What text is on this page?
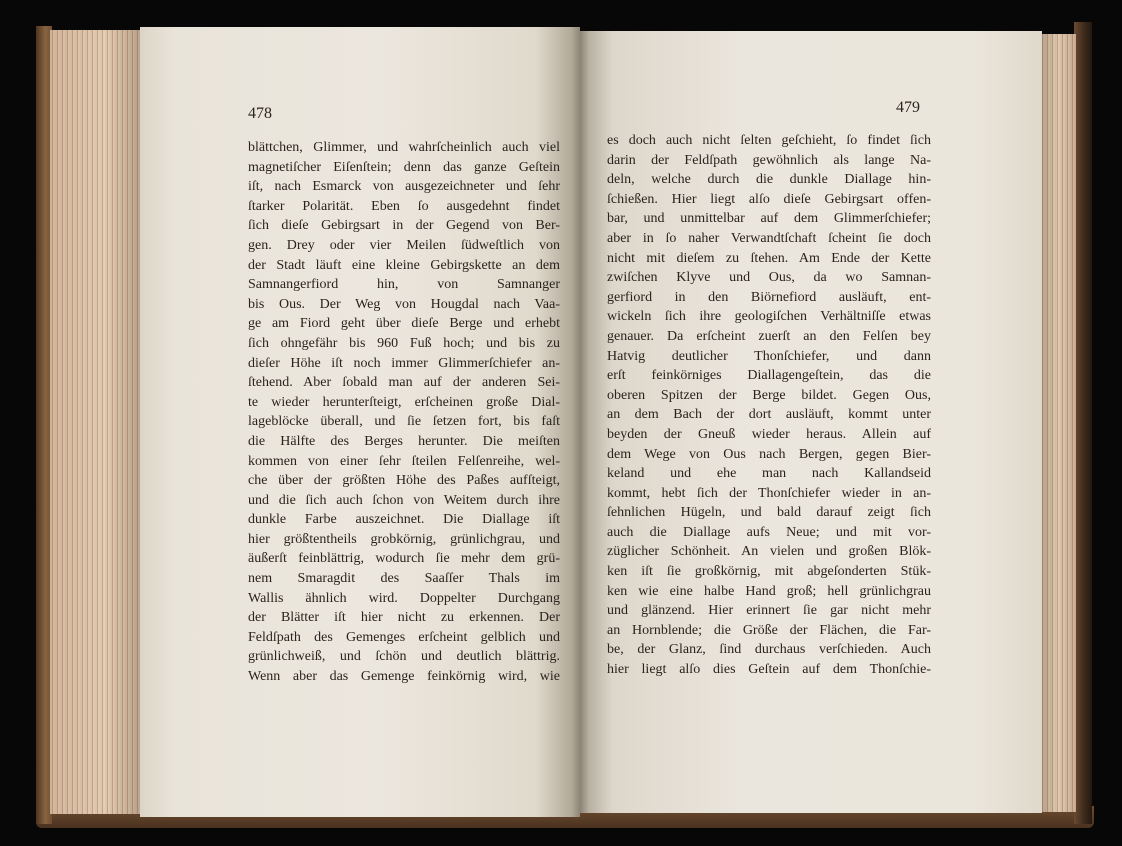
478	479
blättchen, Glimmer, und wahrſcheinlich auch viel
magnetiſcher Eiſenſtein; denn das ganze Geſtein
iſt, nach Esmarck von ausgezeichneter und ſehr
ſtarker Polarität. Eben ſo ausgedehnt findet
ſich dieſe Gebirgsart in der Gegend von Ber-
gen. Drey oder vier Meilen ſüdweſtlich von
der Stadt läuft eine kleine Gebirgskette an dem
Samnangerfiord hin, von Samnanger
bis Ous. Der Weg von Hougdal nach Vaa-
ge am Fiord geht über dieſe Berge und erhebt
ſich ohngefähr bis 960 Fuß hoch; und bis zu
dieſer Höhe iſt noch immer Glimmerſchiefer an-
ſtehend. Aber ſobald man auf der anderen Sei-
te wieder herunterſteigt, erſcheinen große Dial-
lageblöcke überall, und ſie ſetzen fort, bis faſt
die Hälfte des Berges herunter. Die meiſten
kommen von einer ſehr ſteilen Felſenreihe, wel-
che über der größten Höhe des Paßes aufſteigt,
und die ſich auch ſchon von Weitem durch ihre
dunkle Farbe auszeichnet. Die Diallage iſt
hier größtentheils grobkörnig, grünlichgrau, und
äußerſt feinblättrig, wodurch ſie mehr dem grü-
nem Smaragdit des Saaſſer Thals im
Wallis ähnlich wird. Doppelter Durchgang
der Blätter iſt hier nicht zu erkennen. Der
Feldſpath des Gemenges erſcheint gelblich und
grünlichweiß, und ſchön und deutlich blättrig.
Wenn aber das Gemenge feinkörnig wird, wie
es doch auch nicht ſelten geſchieht, ſo findet ſich
darin der Feldſpath gewöhnlich als lange Na-
deln, welche durch die dunkle Diallage hin-
ſchießen. Hier liegt alſo dieſe Gebirgsart offen-
bar, und unmittelbar auf dem Glimmerſchiefer;
aber in ſo naher Verwandtſchaft ſcheint ſie doch
nicht mit dieſem zu ſtehen. Am Ende der Kette
zwiſchen Klyve und Ous, da wo Samnan-
gerfiord in den Biörnefiord ausläuft, ent-
wickeln ſich ihre geologiſchen Verhältniſſe etwas
genauer. Da erſcheint zuerſt an den Felſen bey
Hatvig deutlicher Thonſchiefer, und dann
erſt feinkörniges Diallagengeſtein, das die
oberen Spitzen der Berge bildet. Gegen Ous,
an dem Bach der dort ausläuft, kommt unter
beyden der Gneuß wieder heraus. Allein auf
dem Wege von Ous nach Bergen, gegen Bier-
keland und ehe man nach Kallandseid
kommt, hebt ſich der Thonſchiefer wieder in an-
ſehnlichen Hügeln, und bald darauf zeigt ſich
auch die Diallage aufs Neue; und mit vor-
züglicher Schönheit. An vielen und großen Blök-
ken iſt ſie großkörnig, mit abgeſonderten Stük-
ken wie eine halbe Hand groß; hell grünlichgrau
und glänzend. Hier erinnert ſie gar nicht mehr
an Hornblende; die Größe der Flächen, die Far-
be, der Glanz, ſind durchaus verſchieden. Auch
hier liegt alſo dies Geſtein auf dem Thonſchie-
